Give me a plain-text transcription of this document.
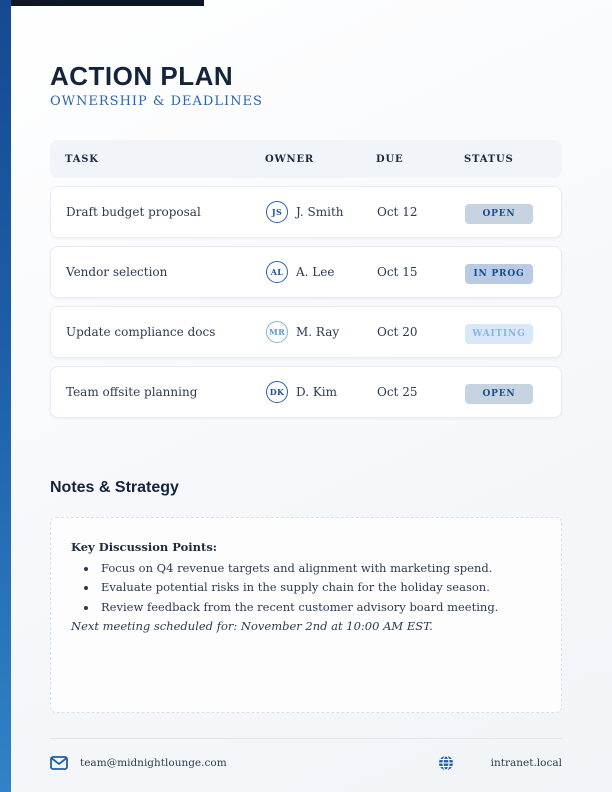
ACTION PLAN
OWNERSHIP & DEADLINES
TASK	OWNER	DUE	STATUS
Draft budget proposal	JS	J. Smith	Oct 12	OPEN
Vendor selection	AL	A. Lee	Oct 15	IN PROG
Update compliance docs	MR M. Ray	Oct 20	WAITING
Team offsite planning	DK D. Kim	Oct 25	OPEN
Notes & Strategy
Key Discussion Points:
• Focus on Q4 revenue targets and alignment with marketing spend.
• Evaluate potential risks in the supply chain for the holiday season.
• Review feedback from the recent customer advisory board meeting.
Next meeting scheduled for: November 2nd at 10:00 AM EST.
team@midnightlounge.com	intranet.local
